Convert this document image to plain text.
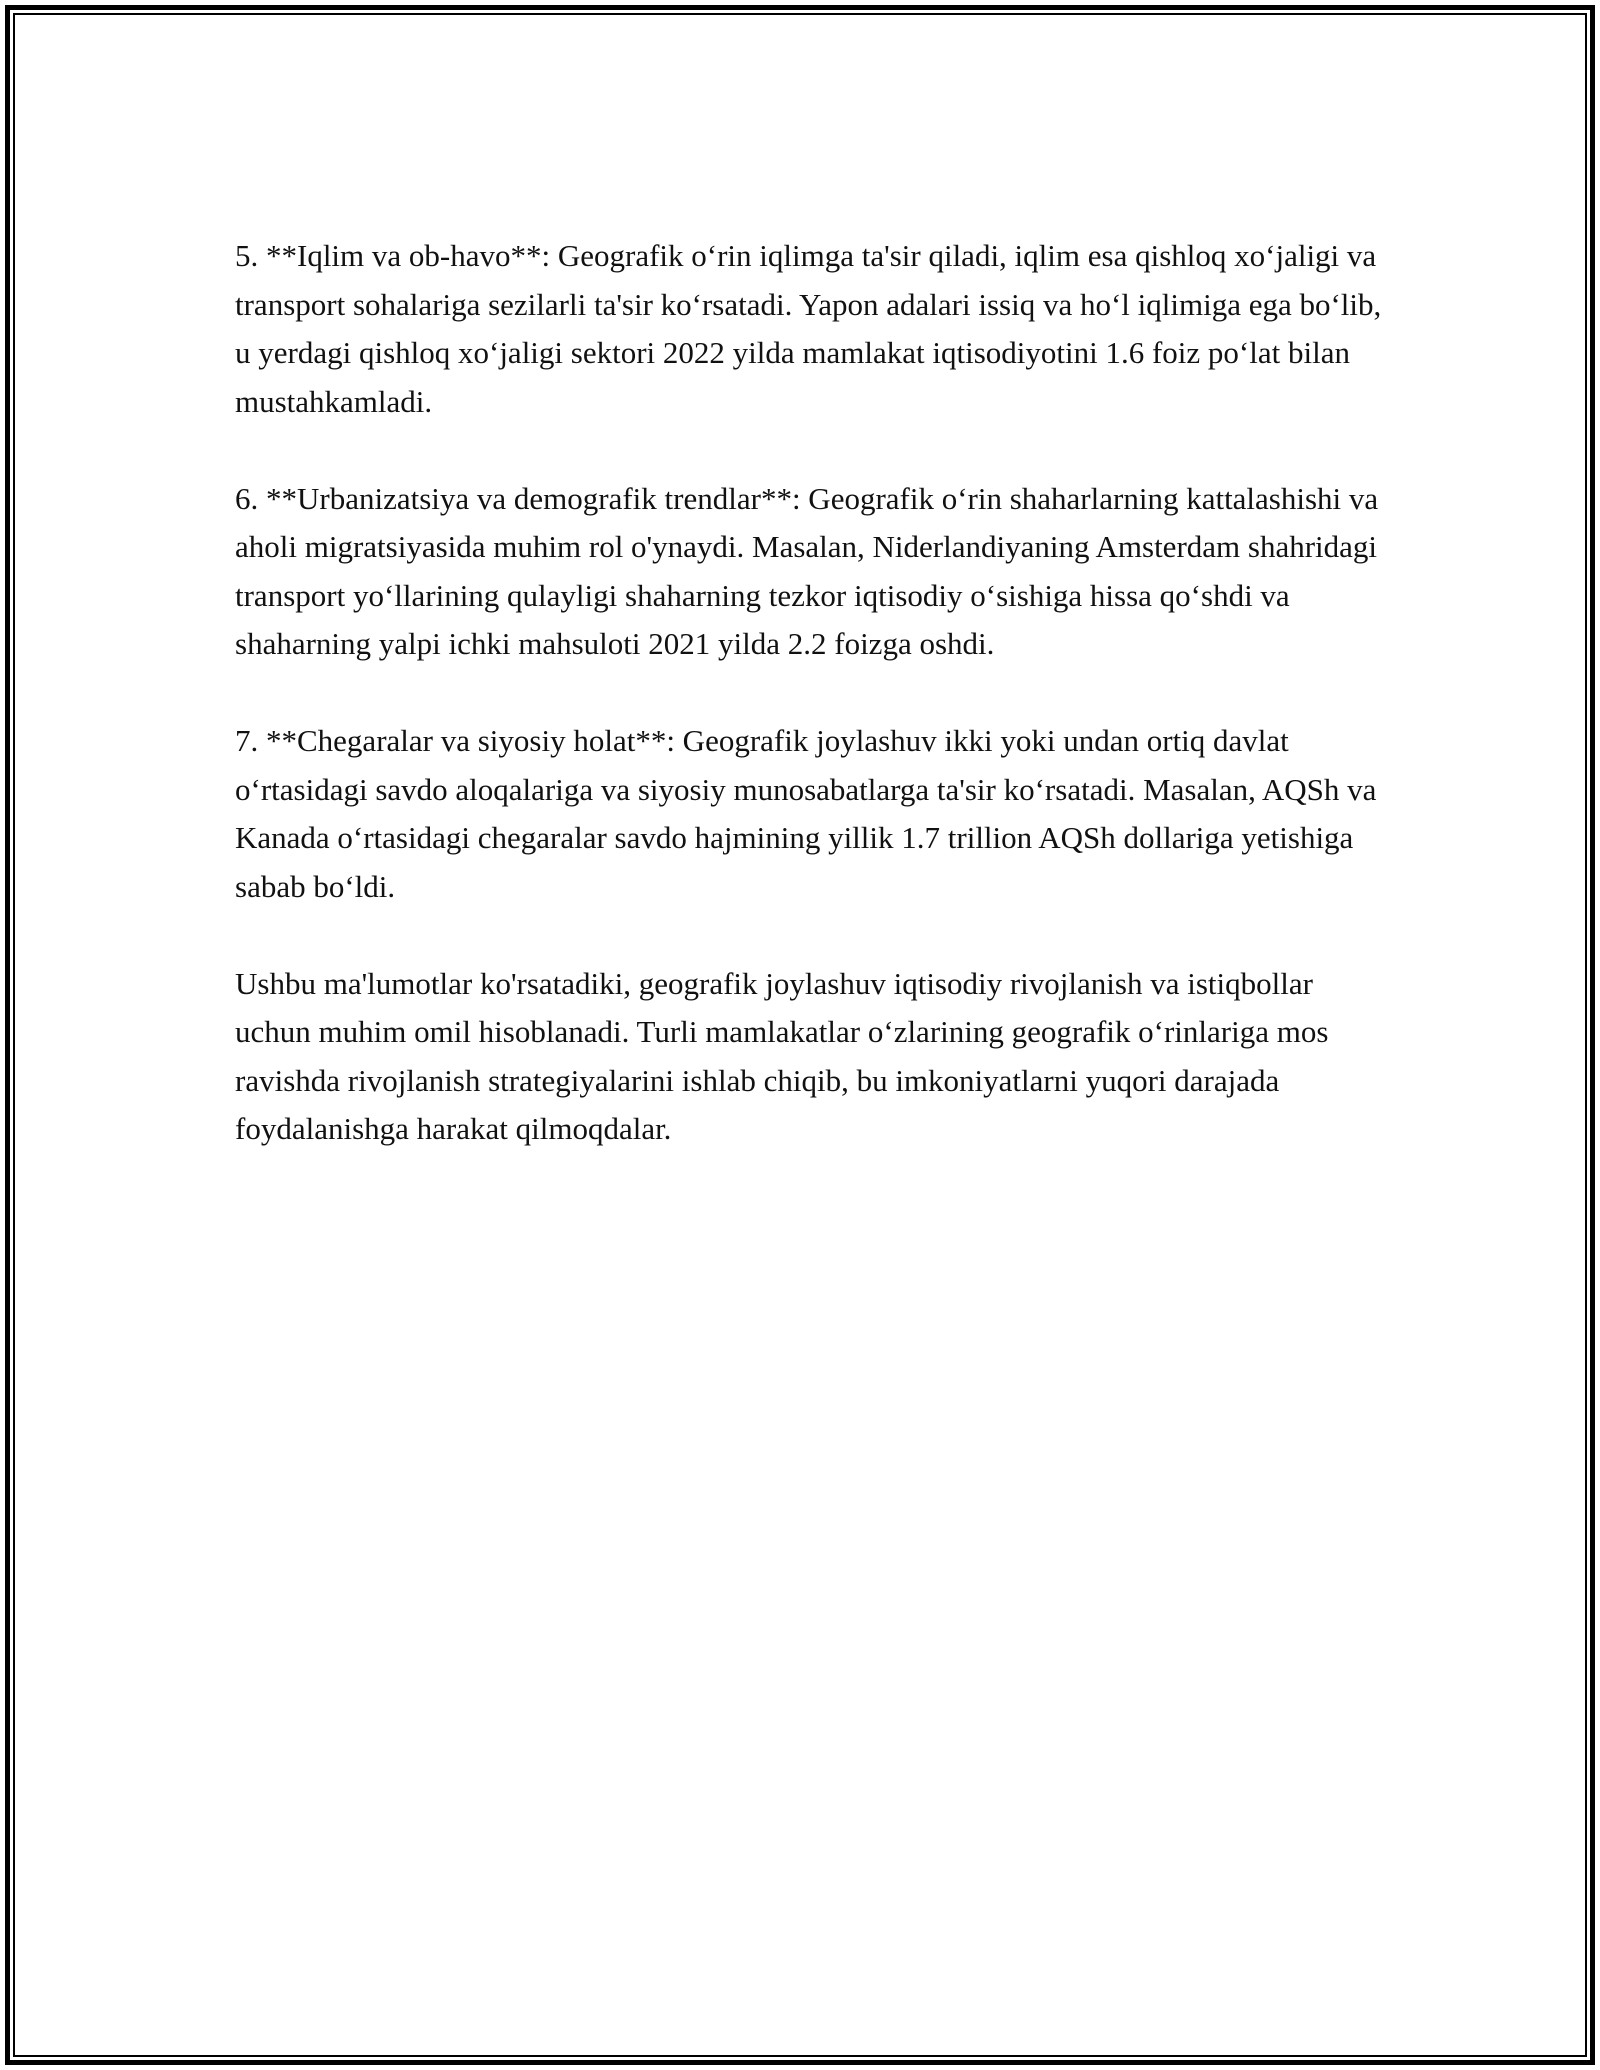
5. **Iqlim va ob-havo**: Geografik o‘rin iqlimga ta'sir qiladi, iqlim esa qishloq xo‘jaligi va transport sohalariga sezilarli ta'sir ko‘rsatadi. Yapon adalari issiq va ho‘l iqlimiga ega bo‘lib, u yerdagi qishloq xo‘jaligi sektori 2022 yilda mamlakat iqtisodiyotini 1.6 foiz po‘lat bilan mustahkamladi.

6. **Urbanizatsiya va demografik trendlar**: Geografik o‘rin shaharlarning kattalashishi va aholi migratsiyasida muhim rol o'ynaydi. Masalan, Niderlandiyaning Amsterdam shahridagi transport yo‘llarining qulayligi shaharning tezkor iqtisodiy o‘sishiga hissa qo‘shdi va shaharning yalpi ichki mahsuloti 2021 yilda 2.2 foizga oshdi.

7. **Chegaralar va siyosiy holat**: Geografik joylashuv ikki yoki undan ortiq davlat o‘rtasidagi savdo aloqalariga va siyosiy munosabatlarga ta'sir ko‘rsatadi. Masalan, AQSh va Kanada o‘rtasidagi chegaralar savdo hajmining yillik 1.7 trillion AQSh dollariga yetishiga sabab bo‘ldi.

Ushbu ma'lumotlar ko'rsatadiki, geografik joylashuv iqtisodiy rivojlanish va istiqbollar uchun muhim omil hisoblanadi. Turli mamlakatlar o‘zlarining geografik o‘rinlariga mos ravishda rivojlanish strategiyalarini ishlab chiqib, bu imkoniyatlarni yuqori darajada foydalanishga harakat qilmoqdalar.
